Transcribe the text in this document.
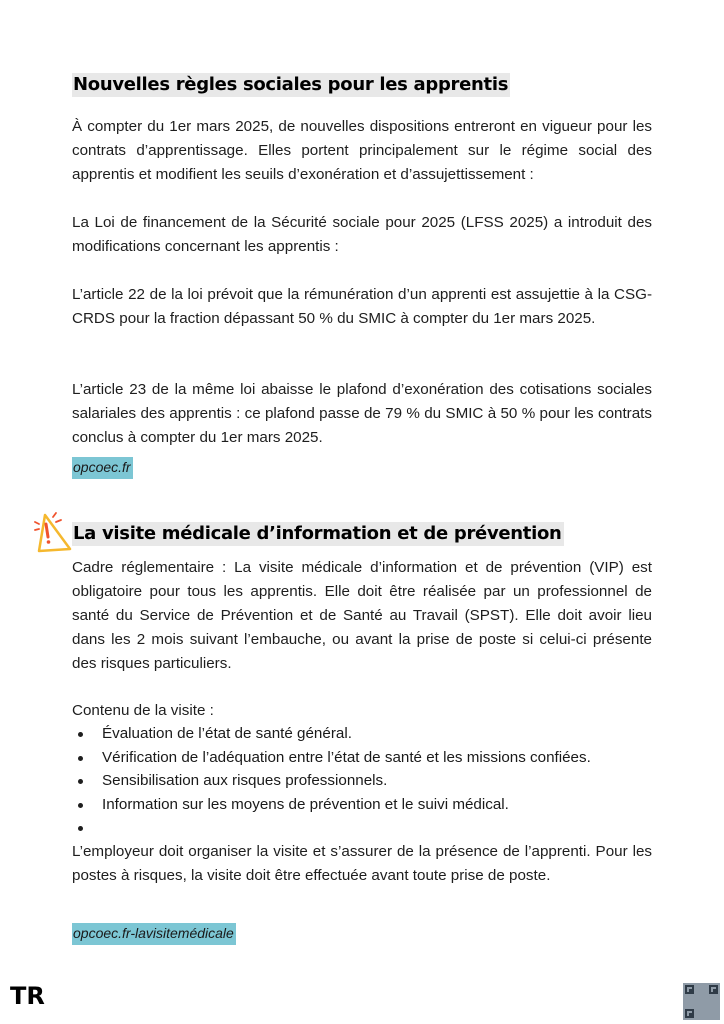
Nouvelles règles sociales pour les apprentis
À compter du 1er mars 2025, de nouvelles dispositions entreront en vigueur pour les contrats d’apprentissage. Elles portent principalement sur le régime social des apprentis et modifient les seuils d’exonération et d’assujettissement :
La Loi de financement de la Sécurité sociale pour 2025 (LFSS 2025) a introduit des modifications concernant les apprentis :
L’article 22 de la loi prévoit que la rémunération d’un apprenti est assujettie à la CSG-CRDS pour la fraction dépassant 50 % du SMIC à compter du 1er mars 2025.
L’article 23 de la même loi abaisse le plafond d’exonération des cotisations sociales salariales des apprentis : ce plafond passe de 79 % du SMIC à 50 % pour les contrats conclus à compter du 1er mars 2025.
opcoec.fr
La visite médicale d’information et de prévention
Cadre réglementaire : La visite médicale d’information et de prévention (VIP) est obligatoire pour tous les apprentis. Elle doit être réalisée par un professionnel de santé du Service de Prévention et de Santé au Travail (SPST). Elle doit avoir lieu dans les 2 mois suivant l’embauche, ou avant la prise de poste si celui-ci présente des risques particuliers.
Contenu de la visite :
Évaluation de l’état de santé général.
Vérification de l’adéquation entre l’état de santé et les missions confiées.
Sensibilisation aux risques professionnels.
Information sur les moyens de prévention et le suivi médical.
L’employeur doit organiser la visite et s’assurer de la présence de l’apprenti. Pour les postes à risques, la visite doit être effectuée avant toute prise de poste.
opcoec.fr-lavisitemédicale
TR
